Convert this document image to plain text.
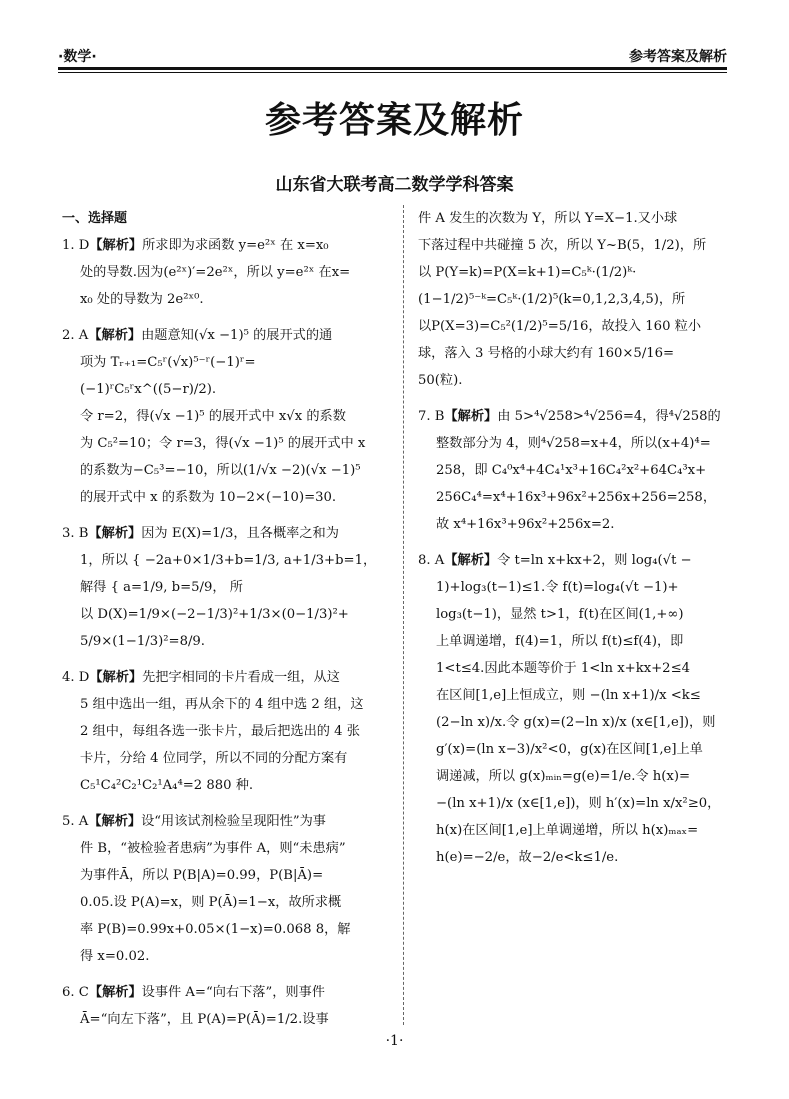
·数学·	参考答案及解析
参考答案及解析
山东省大联考高二数学学科答案

一、选择题

1. D【解析】所求即为求函数 y=e²ˣ 在 x=x₀

处的导数.因为(e²ˣ)′=2e²ˣ，所以 y=e²ˣ 在x=

x₀ 处的导数为 2e²ˣ⁰.

2. A【解析】由题意知(√x −1)⁵ 的展开式的通

项为 Tᵣ₊₁=C₅ʳ(√x)⁵⁻ʳ(−1)ʳ=(−1)ʳC₅ʳx^((5−r)/2).

令 r=2，得(√x −1)⁵ 的展开式中 x√x 的系数

为 C₅²=10；令 r=3，得(√x −1)⁵ 的展开式中 x

的系数为−C₅³=−10，所以(1/√x −2)(√x −1)⁵

的展开式中 x 的系数为 10−2×(−10)=30.

3. B【解析】因为 E(X)=1/3，且各概率之和为

1，所以 { −2a+0×1/3+b=1/3, a+1/3+b=1， 解得 { a=1/9, b=5/9， 所

以 D(X)=1/9×(−2−1/3)²+1/3×(0−1/3)²+

5/9×(1−1/3)²=8/9.

4. D【解析】先把字相同的卡片看成一组，从这

5 组中选出一组，再从余下的 4 组中选 2 组，这

2 组中，每组各选一张卡片，最后把选出的 4 张

卡片，分给 4 位同学，所以不同的分配方案有

C₅¹C₄²C₂¹C₂¹A₄⁴=2 880 种.

5. A【解析】设“用该试剂检验呈现阳性”为事

件 B，“被检验者患病”为事件 A，则“未患病”

为事件Ā，所以 P(B|A)=0.99，P(B|Ā)=

0.05.设 P(A)=x，则 P(Ā)=1−x，故所求概

率 P(B)=0.99x+0.05×(1−x)=0.068 8，解

得 x=0.02.

6. C【解析】设事件 A=“向右下落”，则事件

Ā=“向左下落”，且 P(A)=P(Ā)=1/2.设事

件 A 发生的次数为 Y，所以 Y=X−1.又小球

下落过程中共碰撞 5 次，所以 Y~B(5，1/2)，所

以 P(Y=k)=P(X=k+1)=C₅ᵏ·(1/2)ᵏ·

(1−1/2)⁵⁻ᵏ=C₅ᵏ·(1/2)⁵(k=0,1,2,3,4,5)，所

以P(X=3)=C₅²(1/2)⁵=5/16，故投入 160 粒小

球，落入 3 号格的小球大约有 160×5/16=

50(粒).

7. B【解析】由 5>⁴√258>⁴√256=4，得⁴√258的

整数部分为 4，则⁴√258=x+4，所以(x+4)⁴=

258，即 C₄⁰x⁴+4C₄¹x³+16C₄²x²+64C₄³x+

256C₄⁴=x⁴+16x³+96x²+256x+256=258，

故 x⁴+16x³+96x²+256x=2.

8. A【解析】令 t=ln x+kx+2，则 log₄(√t −

1)+log₃(t−1)≤1.令 f(t)=log₄(√t −1)+

log₃(t−1)，显然 t>1，f(t)在区间(1,+∞)

上单调递增，f(4)=1，所以 f(t)≤f(4)，即

1<t≤4.因此本题等价于 1<ln x+kx+2≤4

在区间[1,e]上恒成立，则 −(ln x+1)/x <k≤

(2−ln x)/x.令 g(x)=(2−ln x)/x (x∈[1,e])，则

g′(x)=(ln x−3)/x²<0，g(x)在区间[1,e]上单

调递减，所以 g(x)ₘᵢₙ=g(e)=1/e.令 h(x)=

−(ln x+1)/x (x∈[1,e])，则 h′(x)=ln x/x²≥0，

h(x)在区间[1,e]上单调递增，所以 h(x)ₘₐₓ=

h(e)=−2/e，故−2/e<k≤1/e.

·1·
